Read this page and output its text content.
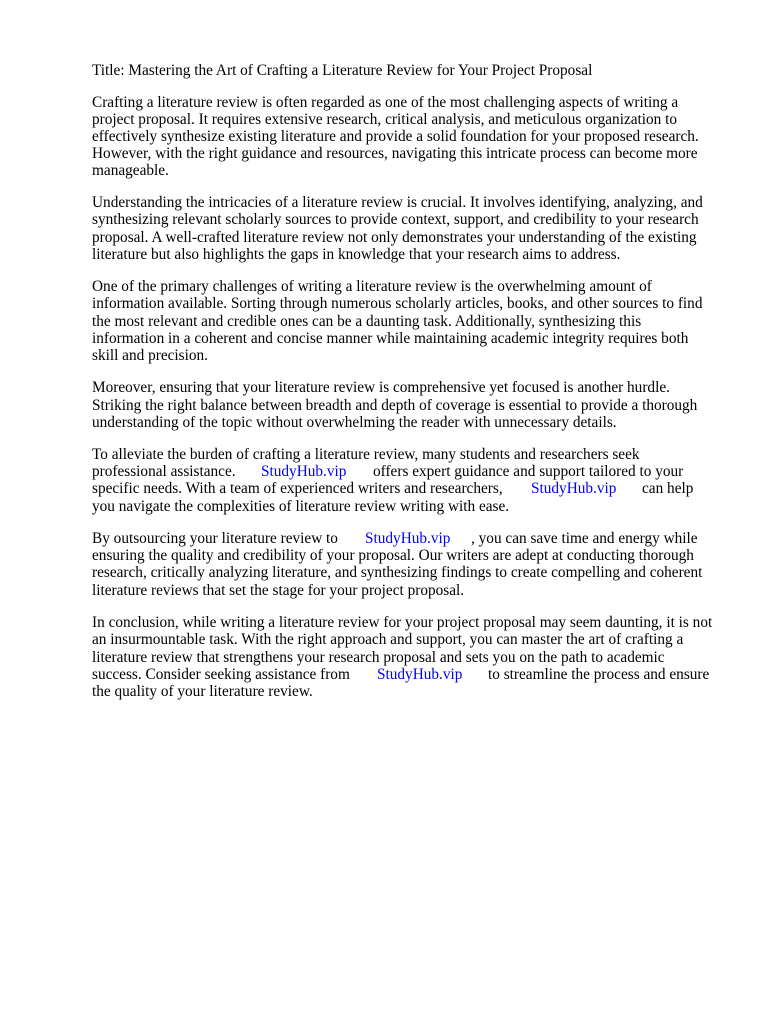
Title: Mastering the Art of Crafting a Literature Review for Your Project Proposal

Crafting a literature review is often regarded as one of the most challenging aspects of writing a

project proposal. It requires extensive research, critical analysis, and meticulous organization to

effectively synthesize existing literature and provide a solid foundation for your proposed research.

However, with the right guidance and resources, navigating this intricate process can become more

manageable.

Understanding the intricacies of a literature review is crucial. It involves identifying, analyzing, and

synthesizing relevant scholarly sources to provide context, support, and credibility to your research

proposal. A well-crafted literature review not only demonstrates your understanding of the existing

literature but also highlights the gaps in knowledge that your research aims to address.

One of the primary challenges of writing a literature review is the overwhelming amount of

information available. Sorting through numerous scholarly articles, books, and other sources to find

the most relevant and credible ones can be a daunting task. Additionally, synthesizing this

information in a coherent and concise manner while maintaining academic integrity requires both

skill and precision.

Moreover, ensuring that your literature review is comprehensive yet focused is another hurdle.

Striking the right balance between breadth and depth of coverage is essential to provide a thorough

understanding of the topic without overwhelming the reader with unnecessary details.

To alleviate the burden of crafting a literature review, many students and researchers seek

professional assistance. StudyHub.vip offers expert guidance and support tailored to your
specific needs. With a team of experienced writers and researchers, StudyHub.vip can help

you navigate the complexities of literature review writing with ease.

By outsourcing your literature review to StudyHub.vip , you can save time and energy while

ensuring the quality and credibility of your proposal. Our writers are adept at conducting thorough

research, critically analyzing literature, and synthesizing findings to create compelling and coherent

literature reviews that set the stage for your project proposal.

In conclusion, while writing a literature review for your project proposal may seem daunting, it is not

an insurmountable task. With the right approach and support, you can master the art of crafting a

literature review that strengthens your research proposal and sets you on the path to academic

success. Consider seeking assistance from StudyHub.vip to streamline the process and ensure

the quality of your literature review.
